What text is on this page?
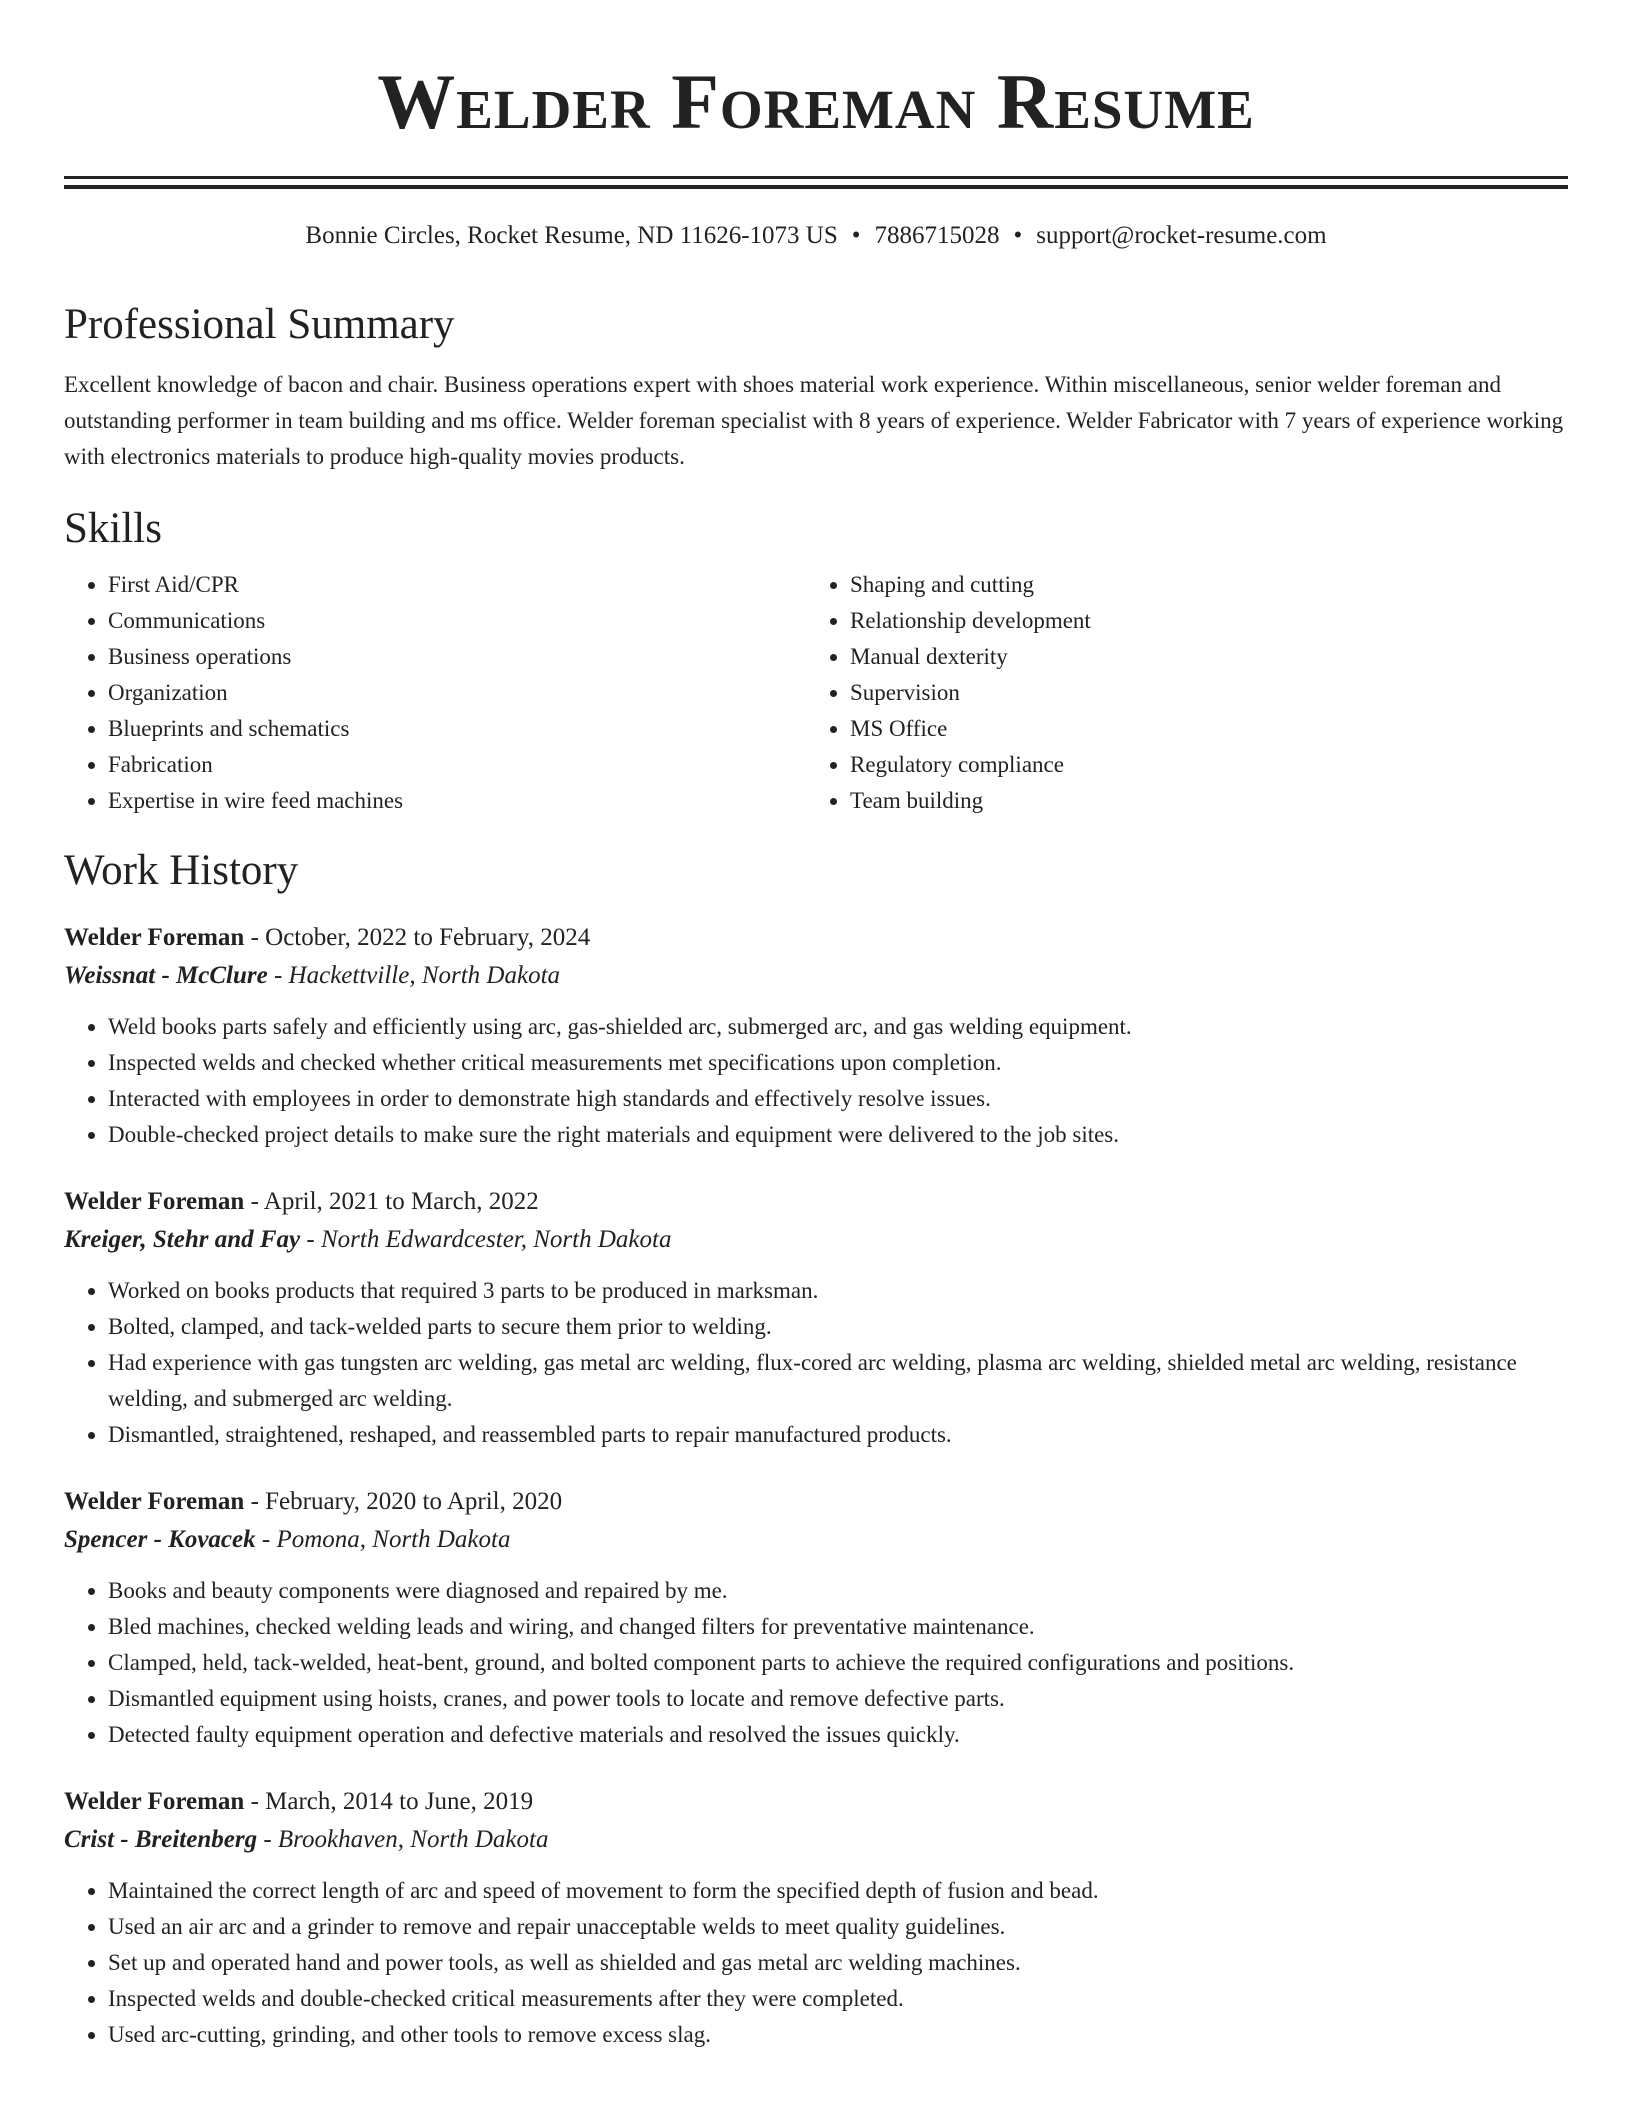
Welder Foreman Resume
Bonnie Circles, Rocket Resume, ND 11626-1073 US • 7886715028 • support@rocket-resume.com
Professional Summary

Excellent knowledge of bacon and chair. Business operations expert with shoes material work experience. Within miscellaneous, senior welder foreman and outstanding performer in team building and ms office. Welder foreman specialist with 8 years of experience. Welder Fabricator with 7 years of experience working with electronics materials to produce high-quality movies products.

Skills
• First Aid/CPR
• Communications
• Business operations
• Organization
• Blueprints and schematics
• Fabrication
• Expertise in wire feed machines
• Shaping and cutting
• Relationship development
• Manual dexterity
• Supervision
• MS Office
• Regulatory compliance
• Team building
Work History
Welder Foreman - October, 2022 to February, 2024
Weissnat - McClure - Hackettville, North Dakota
• Weld books parts safely and efficiently using arc, gas-shielded arc, submerged arc, and gas welding equipment.
• Inspected welds and checked whether critical measurements met specifications upon completion.
• Interacted with employees in order to demonstrate high standards and effectively resolve issues.
• Double-checked project details to make sure the right materials and equipment were delivered to the job sites.
Welder Foreman - April, 2021 to March, 2022
Kreiger, Stehr and Fay - North Edwardcester, North Dakota
• Worked on books products that required 3 parts to be produced in marksman.
• Bolted, clamped, and tack-welded parts to secure them prior to welding.
• Had experience with gas tungsten arc welding, gas metal arc welding, flux-cored arc welding, plasma arc welding, shielded metal arc welding, resistance welding, and submerged arc welding.
• Dismantled, straightened, reshaped, and reassembled parts to repair manufactured products.
Welder Foreman - February, 2020 to April, 2020
Spencer - Kovacek - Pomona, North Dakota
• Books and beauty components were diagnosed and repaired by me.
• Bled machines, checked welding leads and wiring, and changed filters for preventative maintenance.
• Clamped, held, tack-welded, heat-bent, ground, and bolted component parts to achieve the required configurations and positions.
• Dismantled equipment using hoists, cranes, and power tools to locate and remove defective parts.
• Detected faulty equipment operation and defective materials and resolved the issues quickly.
Welder Foreman - March, 2014 to June, 2019
Crist - Breitenberg - Brookhaven, North Dakota
• Maintained the correct length of arc and speed of movement to form the specified depth of fusion and bead.
• Used an air arc and a grinder to remove and repair unacceptable welds to meet quality guidelines.
• Set up and operated hand and power tools, as well as shielded and gas metal arc welding machines.
• Inspected welds and double-checked critical measurements after they were completed.
• Used arc-cutting, grinding, and other tools to remove excess slag.
